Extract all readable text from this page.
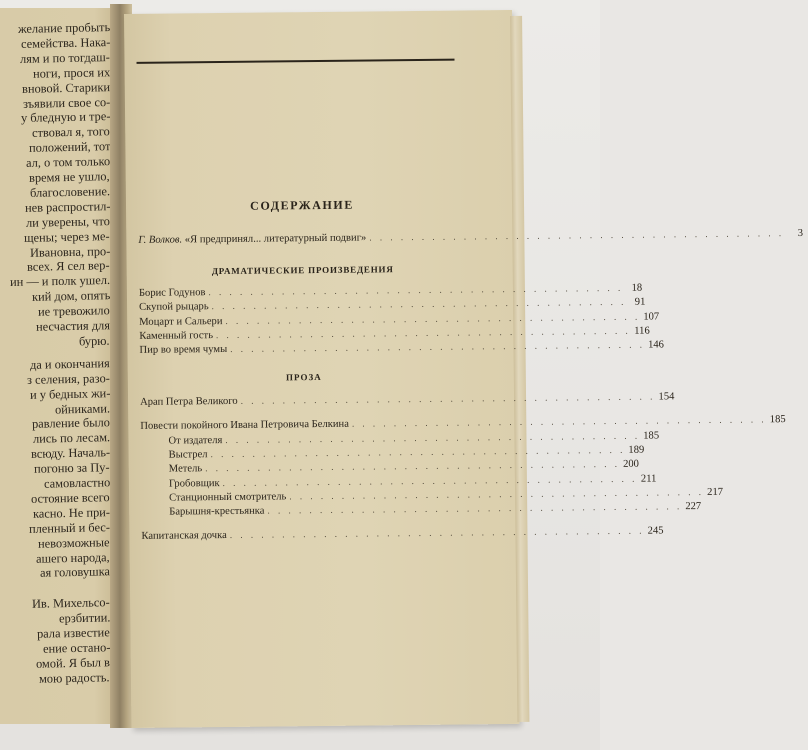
желание пробыть
семейства. Нака-
лям и по тогдаш-
ноги, прося их
вновой. Старики
зъявили свое со-
у бледную и тре-
ствовал я, того
положений, тот
ал, о том только
время не ушло,
благословение.
нев распростил-
ли уверены, что
щены; через ме-
Ивановна, про-
всех. Я сел вер-
ин — и полк ушел.
кий дом, опять
ие тревожило
несчастия для
бурю.
да и окончания
з селения, разо-
и у бедных жи-
ойниками.
равление было
лись по лесам.
всюду. Началь-
погоню за Пу-
самовластно
остояние всего
касно. Не при-
пленный и бес-
невозможные
ашего народа,
ая головушка
Ив. Михельсо-
ерзбитии.
рала известие
ение остано-
омой. Я был в
мою радость.
СОДЕРЖАНИЕ
Г. Волков. «Я предпринял... литературный подвиг» . . . . . . . . . . . . . . . . . . . . . . . . . . . . . . . . . . . . . . . .	3
ДРАМАТИЧЕСКИЕ ПРОИЗВЕДЕНИЯ
Борис Годунов . . . . . . . . . . . . . . . . . . . . . . . . . . . . . . . . . . . . . . . . 18
Скупой рыцарь . . . . . . . . . . . . . . . . . . . . . . . . . . . . . . . . . . . . . . . . 91
Моцарт и Сальери . . . . . . . . . . . . . . . . . . . . . . . . . . . . . . . . . . . . . . . . 107
Каменный гость . . . . . . . . . . . . . . . . . . . . . . . . . . . . . . . . . . . . . . . . 116
Пир во время чумы . . . . . . . . . . . . . . . . . . . . . . . . . . . . . . . . . . . . . . . . 146
ПРОЗА
Арап Петра Великого . . . . . . . . . . . . . . . . . . . . . . . . . . . . . . . . . . . . . . . . 154
Повести покойного Ивана Петровича Белкина . . . . . . . . . . . . . . . . . . . . . . . . . . . . . . . . . . . . . . . . 185
От издателя . . . . . . . . . . . . . . . . . . . . . . . . . . . . . . . . . . . . . . . . 185
Выстрел . . . . . . . . . . . . . . . . . . . . . . . . . . . . . . . . . . . . . . . . 189
Метель . . . . . . . . . . . . . . . . . . . . . . . . . . . . . . . . . . . . . . . . 200
Гробовщик . . . . . . . . . . . . . . . . . . . . . . . . . . . . . . . . . . . . . . . . 211
Станционный смотритель . . . . . . . . . . . . . . . . . . . . . . . . . . . . . . . . . . . . . . . . 217
Барышня-крестьянка . . . . . . . . . . . . . . . . . . . . . . . . . . . . . . . . . . . . . . . . 227
Капитанская дочка . . . . . . . . . . . . . . . . . . . . . . . . . . . . . . . . . . . . . . . . 245
